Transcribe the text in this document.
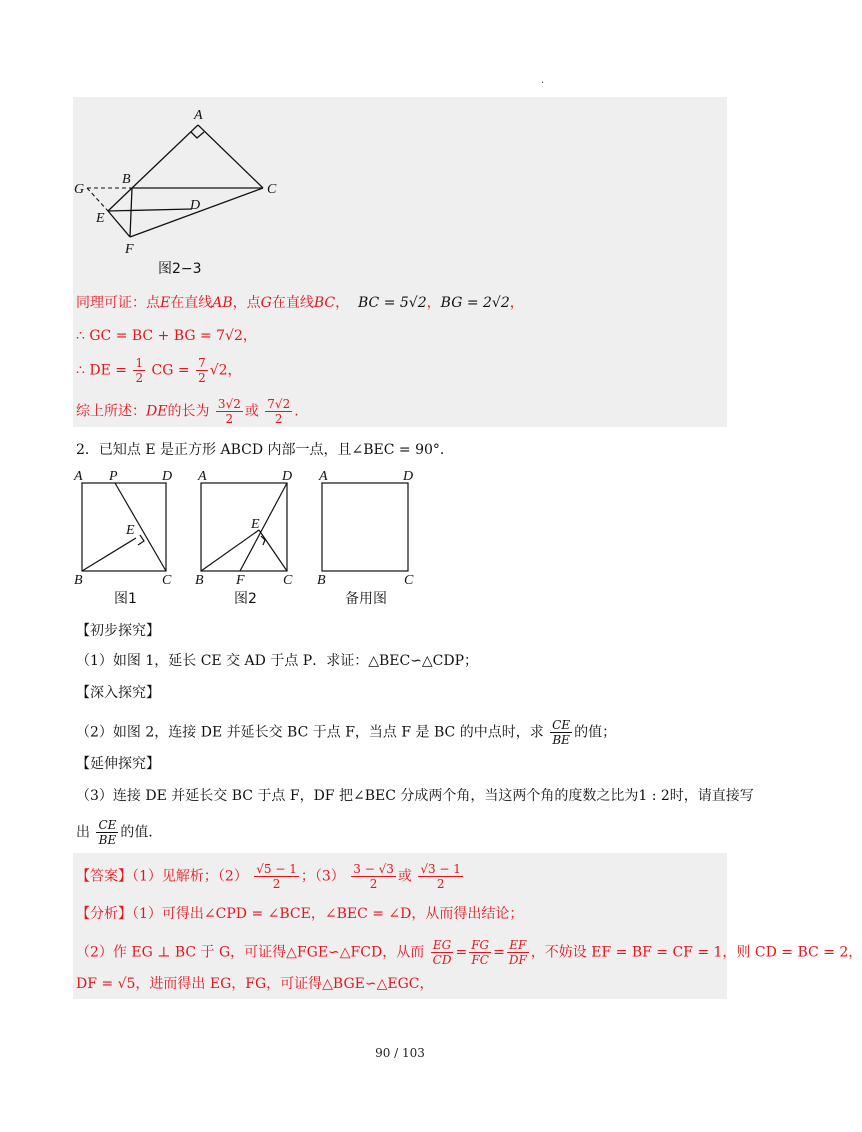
·
A
B
C
D
E
F
G
图2−3
同理可证：点E在直线AB，点G在直线BC， BC = 5√2，BG = 2√2，
∴ GC = BC + BG = 7√2，
∴ DE = $\frac{1}{2}$ CG = $\frac{7}{2} √2$，
综上所述：DE的长为 $\frac{3√2}{2}$ 或 $\frac{7√2}{2}$ .
2．已知点 E 是正方形 ABCD 内部一点，且∠BEC = 90°．
A P	D
E
B	C
A	D
E
B F	C
A	D
B	C
图1	图2	备用图
【初步探究】
（1）如图 1，延长 CE 交 AD 于点 P．求证：△BEC∽△CDP；
【深入探究】
（2）如图 2，连接 DE 并延长交 BC 于点 F，当点 F 是 BC 的中点时，求 $\frac{CE}{BE}$ 的值；
【延伸探究】
（3）连接 DE 并延长交 BC 于点 F，DF 把∠BEC 分成两个角，当这两个角的度数之比为1 : 2时，请直接写
出 $\frac{CE}{BE}$ 的值．
【答案】（1）见解析；$(2) \frac{√5 - 1}{2}$ ；$(3) \frac{3 - √3}{2}$ 或 $\frac{√3 - 1}{2}$
【分析】（1）可得出∠CPD = ∠BCE，∠BEC = ∠D，从而得出结论；
（2）作 EG ⊥ BC 于 G，可证得△FGE∽△FCD，从而 $\frac{EG}{CD} = \frac{FG}{FC} = \frac{EF}{DF}$ ，不妨设 EF = BF = CF = 1，则 CD = BC = 2，
DF = √5，进而得出 EG，FG，可证得△BGE∽△EGC，
90 / 103
